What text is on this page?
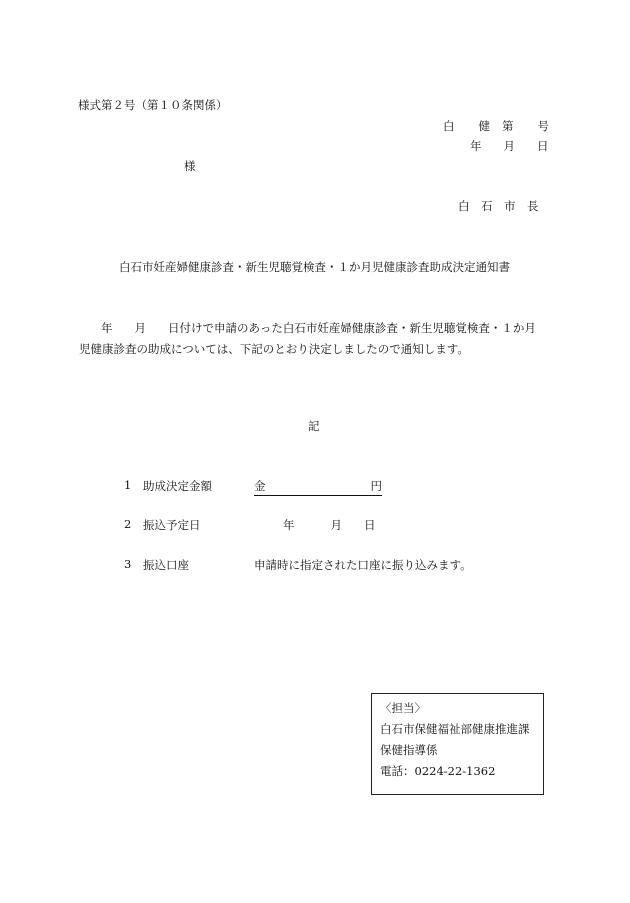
様式第２号（第１０条関係）
白 健 第 号
年 月 日
様
白　石　市　長
白石市妊産婦健康診査・新生児聴覚検査・１か月児健康診査助成決定通知書
年 月 日付けで申請のあった白石市妊産婦健康診査・新生児聴覚検査・１か月
児健康診査の助成については、下記のとおり決定しましたので通知します。
記
1 助成決定金額	金	円
2 振込予定日	年	月 日
3 振込口座	申請時に指定された口座に振り込みます。
〈担当〉
白石市保健福祉部健康推進課
保健指導係
電話：0224-22-1362
